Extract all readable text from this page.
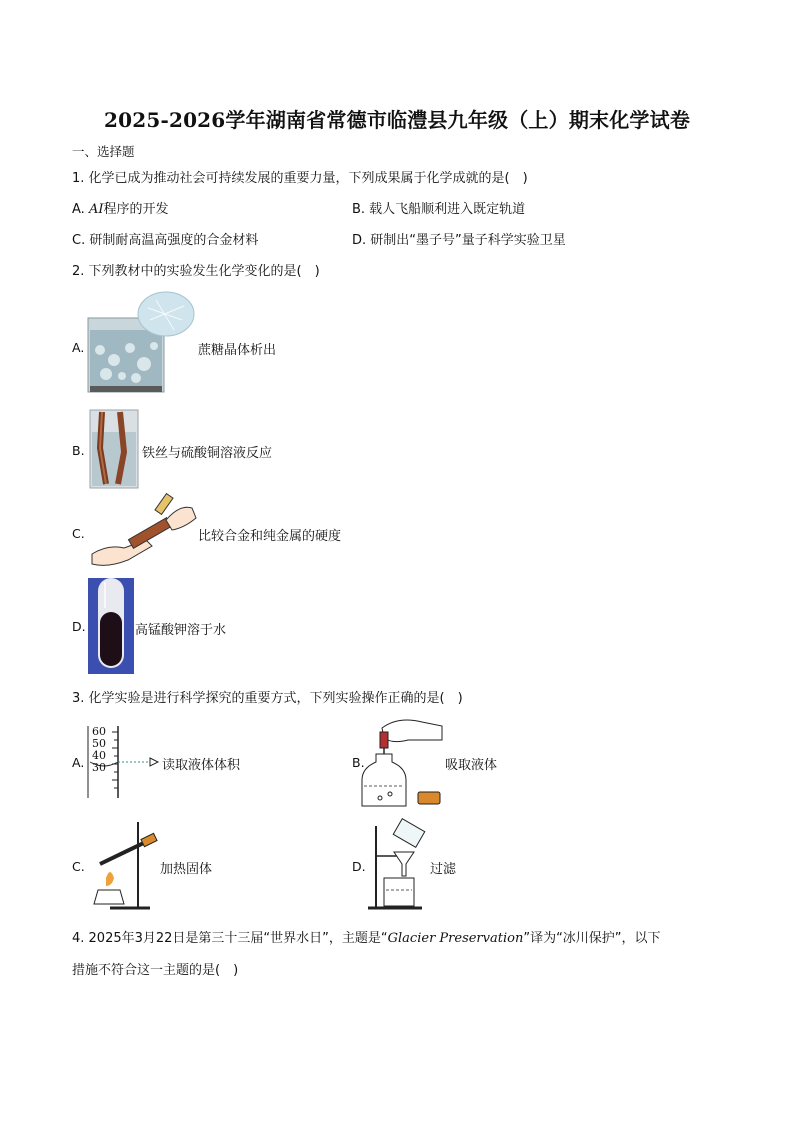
2025-2026学年湖南省常德市临澧县九年级（上）期末化学试卷
一、选择题
1. 化学已成为推动社会可持续发展的重要力量，下列成果属于化学成就的是(　)
A. AI程序的开发	B. 载人飞船顺利进入既定轨道
C. 研制耐高温高强度的合金材料	D. 研制出“墨子号”量子科学实验卫星
2. 下列教材中的实验发生化学变化的是(　)
A.	蔗糖晶体析出
B.	铁丝与硫酸铜溶液反应
C.	比较合金和纯金属的硬度
D.	高锰酸钾溶于水
3. 化学实验是进行科学探究的重要方式，下列实验操作正确的是(　)
A.
60
50
40
30	读取液体体积	B.	吸取液体
C.	加热固体	D.	过滤
4. 2025年3月22日是第三十三届“世界水日”，主题是“Glacier Preservation”译为“冰川保护”，以下
措施不符合这一主题的是(　)
